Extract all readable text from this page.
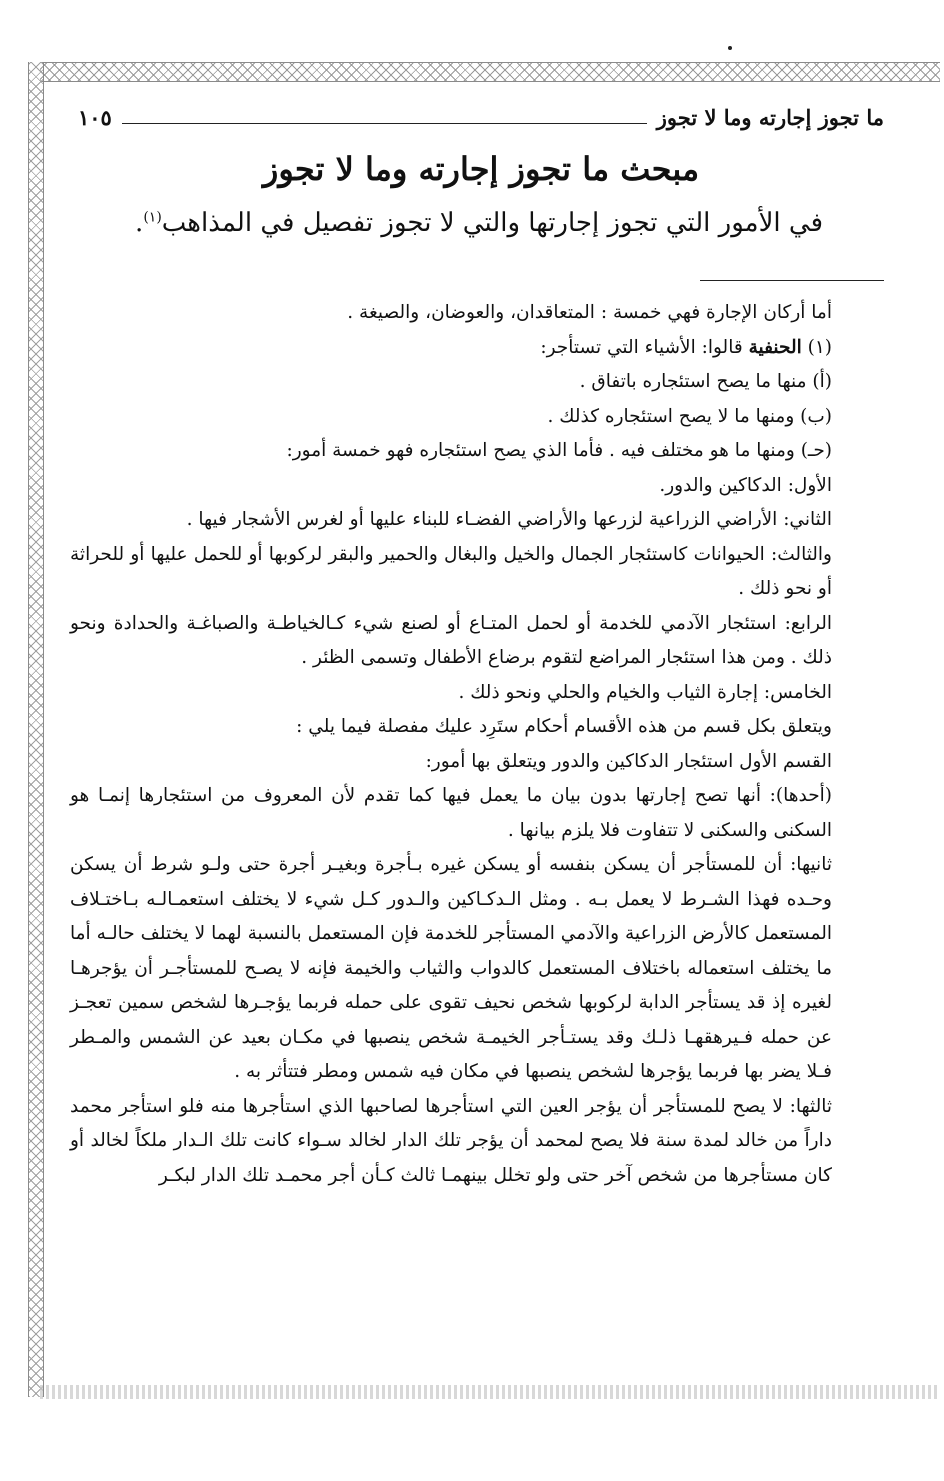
ما تجوز إجارته وما لا تجوز
١٠٥
مبحث ما تجوز إجارته وما لا تجوز
في الأمور التي تجوز إجارتها والتي لا تجوز تفصيل في المذاهب$^{(١)}$.

أما أركان الإجارة فهي خمسة : المتعاقدان، والعوضان، والصيغة .

(١) الحنفية قالوا: الأشياء التي تستأجر:

(أ) منها ما يصح استئجاره باتفاق .

(ب) ومنها ما لا يصح استئجاره كذلك .

(حـ) ومنها ما هو مختلف فيه . فأما الذي يصح استئجاره فهو خمسة أمور:

الأول: الدكاكين والدور.

الثاني: الأراضي الزراعية لزرعها والأراضي الفضـاء للبناء عليها أو لغرس الأشجار فيها .

والثالث: الحيوانات كاستئجار الجمال والخيل والبغال والحمير والبقر لركوبها أو للحمل عليها أو للحراثة أو نحو ذلك .

الرابع: استئجار الآدمي للخدمة أو لحمل المتـاع أو لصنع شيء كـالخياطـة والصباغـة والحدادة ونحو ذلك . ومن هذا استئجار المراضع لتقوم برضاع الأطفال وتسمى الظئر .

الخامس: إجارة الثياب والخيام والحلي ونحو ذلك .

ويتعلق بكل قسم من هذه الأقسام أحكام ستَرِد عليك مفصلة فيما يلي :

القسم الأول استئجار الدكاكين والدور ويتعلق بها أمور:

(أحدها): أنها تصح إجارتها بدون بيان ما يعمل فيها كما تقدم لأن المعروف من استئجارها إنمـا هو السكنى والسكنى لا تتفاوت فلا يلزم بيانها .

ثانيها: أن للمستأجر أن يسكن بنفسه أو يسكن غيره بـأجرة وبغيـر أجرة حتى ولـو شرط أن يسكن وحـده فهذا الشـرط لا يعمل بـه . ومثل الـدكـاكين والـدور كـل شيء لا يختلف استعمـالـه بـاختـلاف المستعمل كالأرض الزراعية والآدمي المستأجر للخدمة فإن المستعمل بالنسبة لهما لا يختلف حالـه أما ما يختلف استعماله باختلاف المستعمل كالدواب والثياب والخيمة فإنه لا يصـح للمستأجـر أن يؤجرهـا لغيره إذ قد يستأجر الدابة لركوبها شخص نحيف تقوى على حمله فربما يؤجـرها لشخص سمين تعجـز عن حمله فـيرهقهـا ذلـك وقد يستـأجر الخيمـة شخص ينصبها في مكـان بعيد عن الشمس والمـطر فـلا يضر بها فربما يؤجرها لشخص ينصبها في مكان فيه شمس ومطر فتتأثر به .

ثالثها: لا يصح للمستأجر أن يؤجر العين التي استأجرها لصاحبها الذي استأجرها منه فلو استأجر محمد داراً من خالد لمدة سنة فلا يصح لمحمد أن يؤجر تلك الدار لخالد سـواء كانت تلك الـدار ملكاً لخالد أو كان مستأجرها من شخص آخر حتى ولو تخلل بينهمـا ثالث كـأن أجر محمـد تلك الدار لبكـر
